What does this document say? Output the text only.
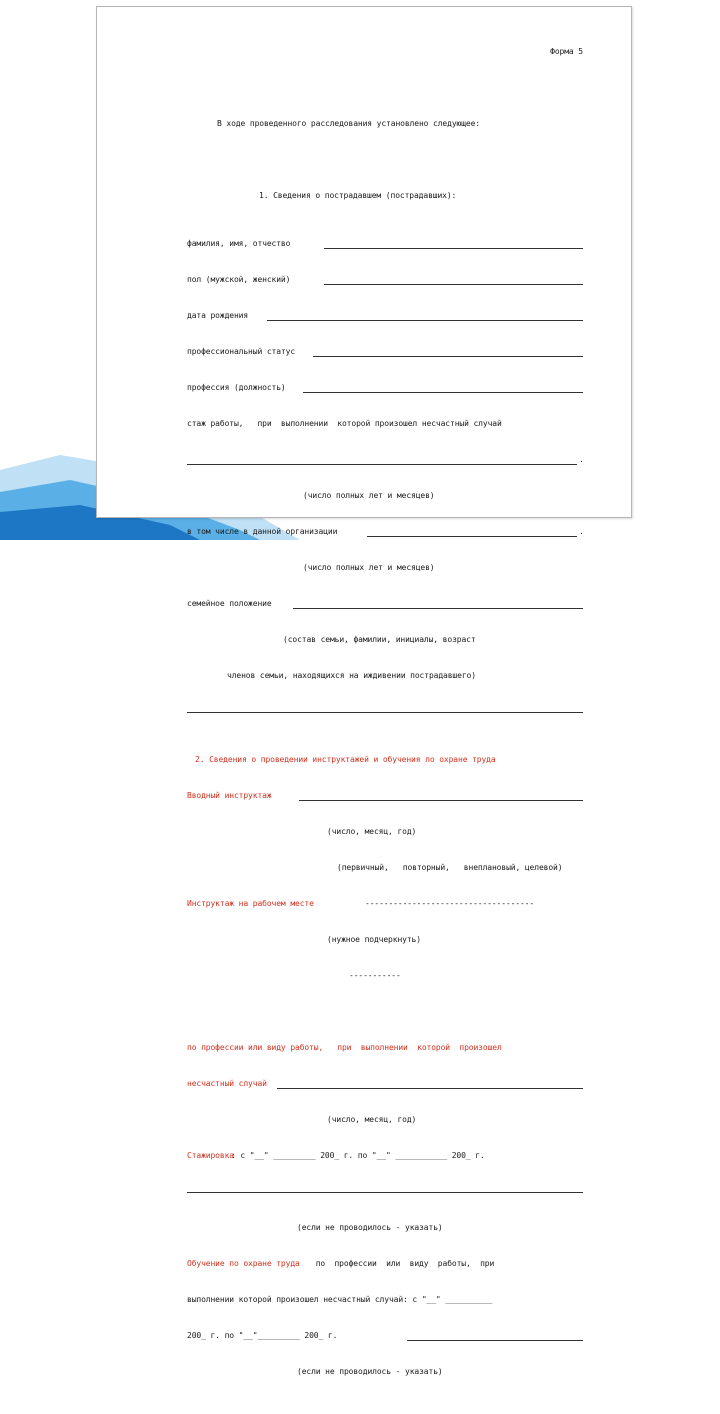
Форма 5

В ходе проведенного расследования установлено следующее:

1. Сведения о пострадавшем (пострадавших):

фамилия, имя, отчество

пол (мужской, женский)

дата рождения

профессиональный статус

профессия (должность)

стаж работы,   при  выполнении  которой произошел несчастный случай

.

(число полных лет и месяцев)

в том числе в данной организации	.

(число полных лет и месяцев)

семейное положение

(состав семьи, фамилии, инициалы, возраст

членов семьи, находящихся на иждивении пострадавшего)

2. Сведения о проведении инструктажей и обучения по охране труда

Вводный инструктаж

(число, месяц, год)

(первичный,   повторный,   внеплановый, целевой)

Инструктаж на рабочем месте	------------------------------------

(нужное подчеркнуть)

-----------

по профессии или виду работы,   при  выполнении  которой  произошел

несчастный случай

(число, месяц, год)

Стажировка
: с "__" _________ 200_ г. по "__" ___________ 200_ г.

(если не проводилось - указать)

Обучение по охране труда по  профессии  или  виду  работы,  при

выполнении которой произошел несчастный случай: с "__" __________

200_ г. по "__"_________ 200_ г.

(если не проводилось - указать)
